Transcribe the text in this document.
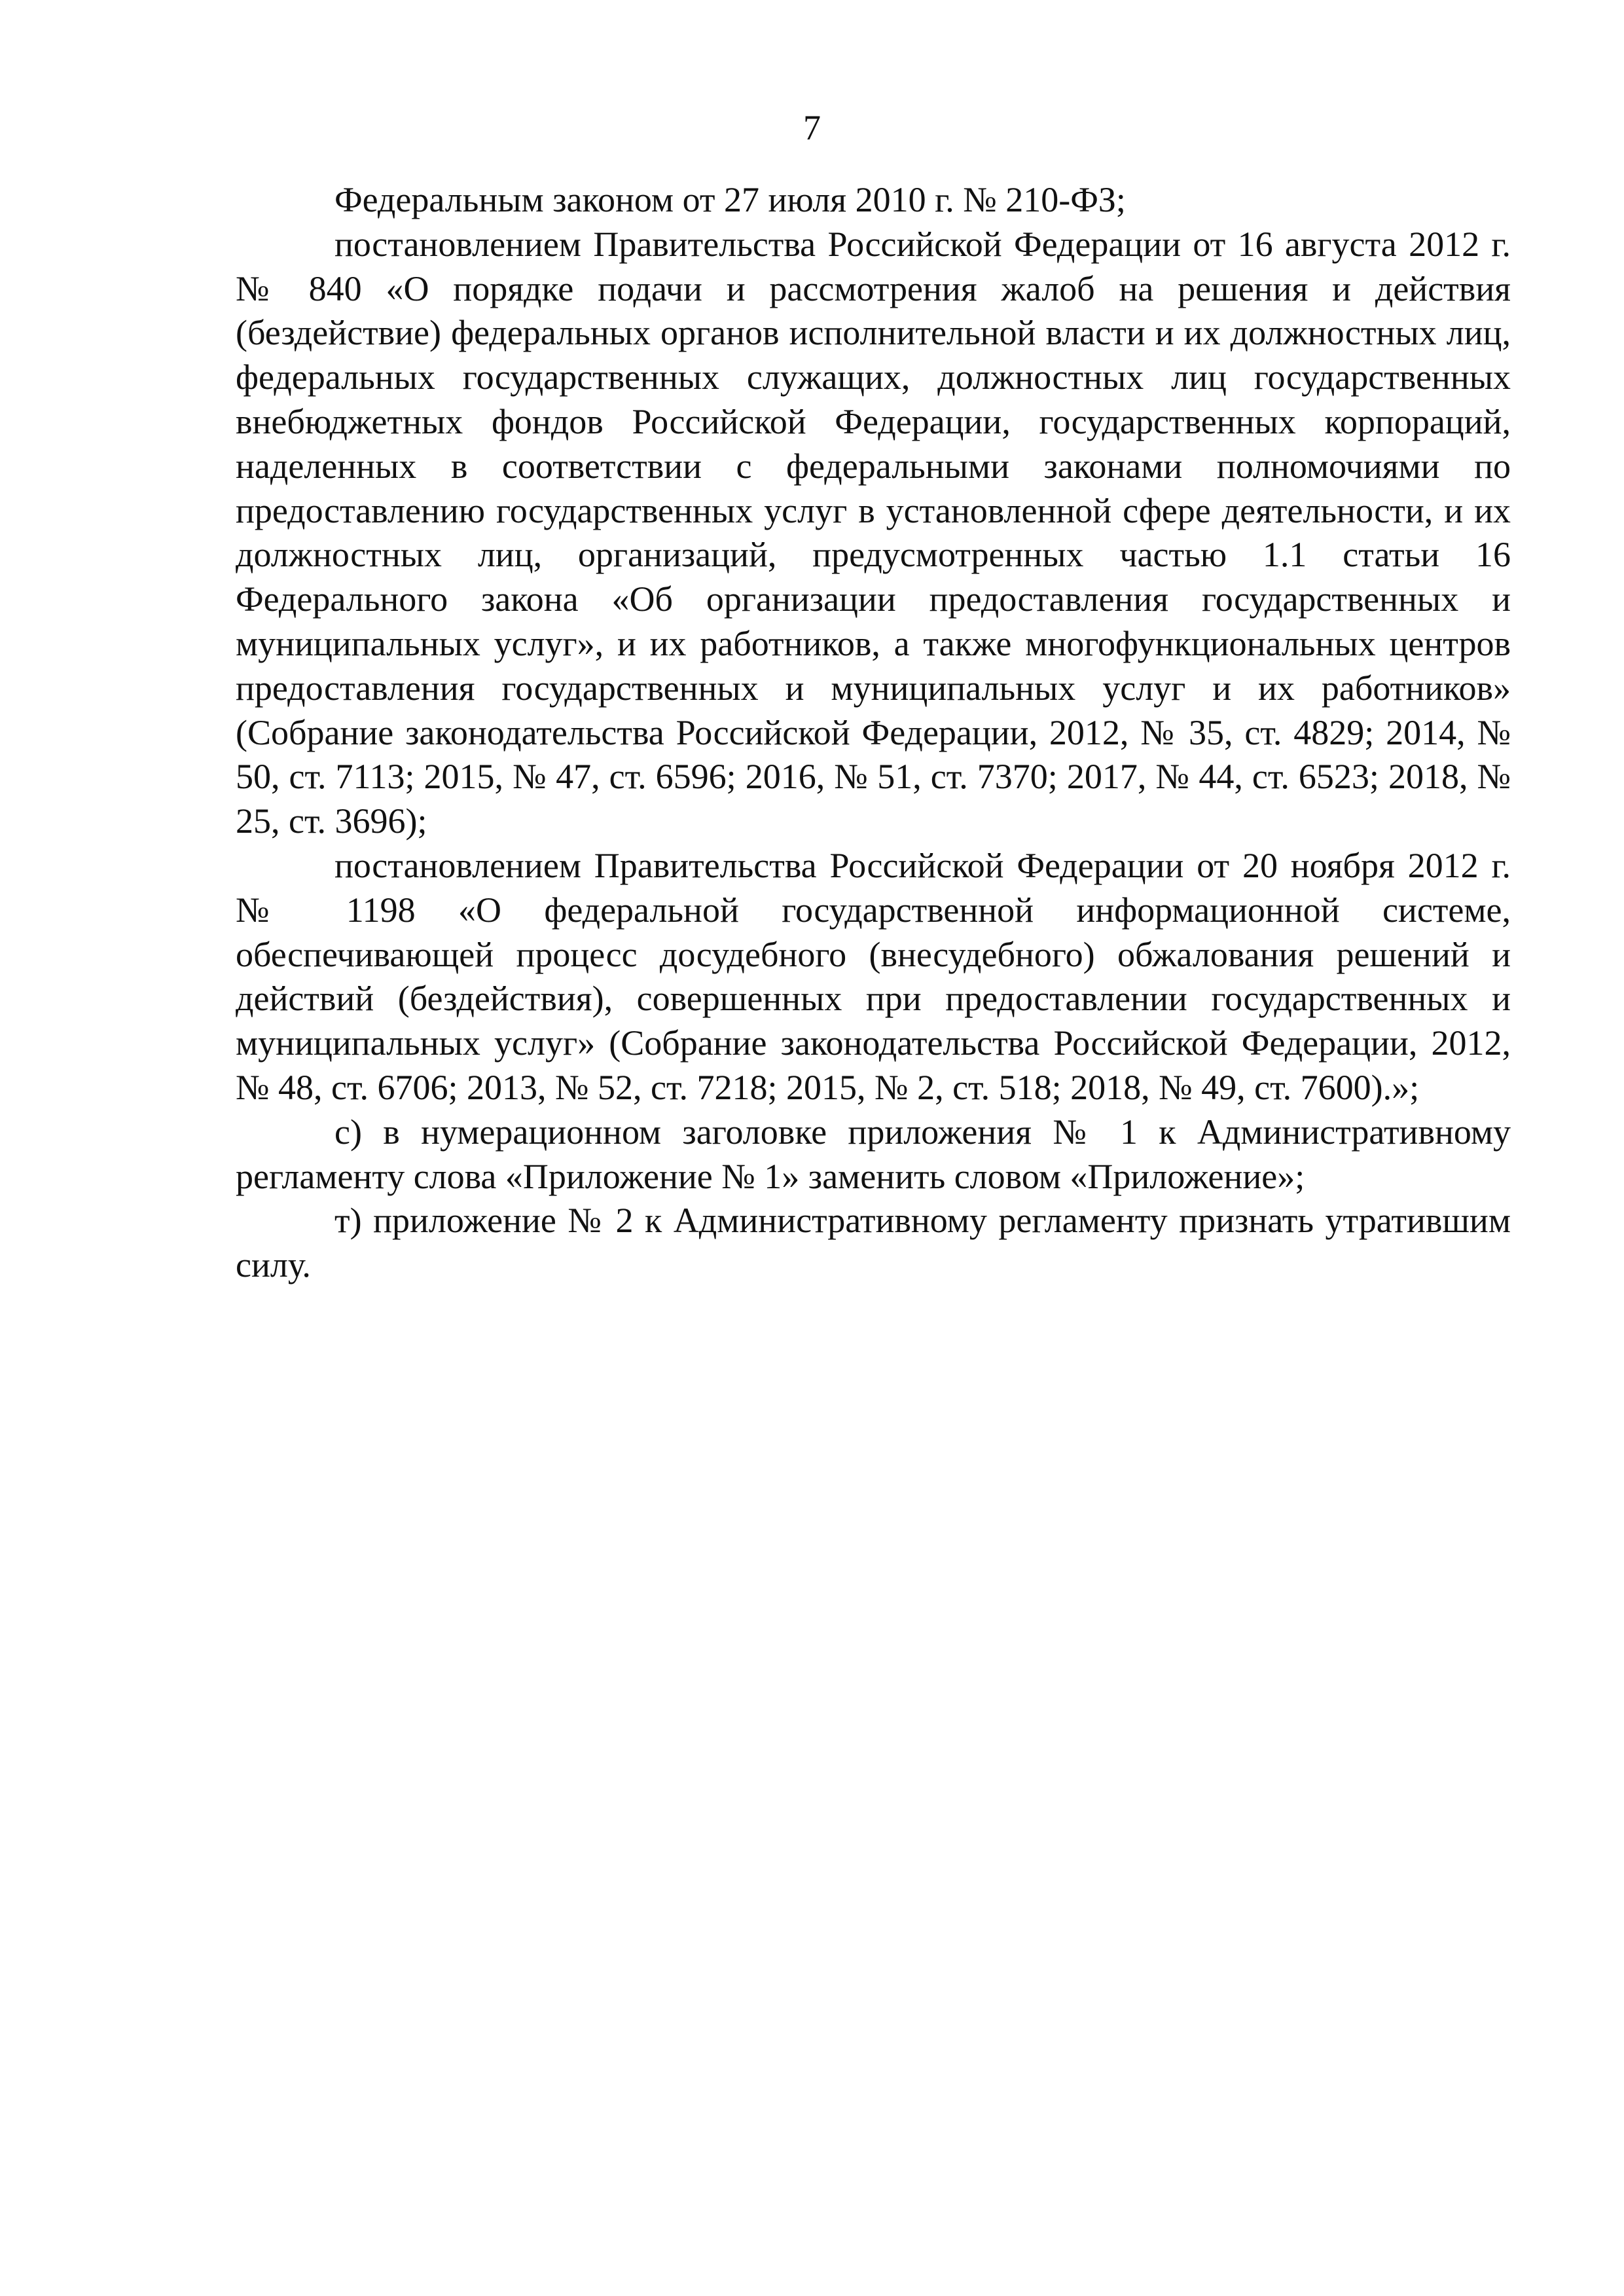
7

Федеральным законом от 27 июля 2010 г. № 210-ФЗ;

постановлением Правительства Российской Федерации от 16 августа 2012 г. № 840 «О порядке подачи и рассмотрения жалоб на решения и действия (бездействие) федеральных органов исполнительной власти и их должностных лиц, федеральных государственных служащих, должностных лиц государственных внебюджетных фондов Российской Федерации, государственных корпораций, наделенных в соответствии с федеральными законами полномочиями по предоставлению государственных услуг в установленной сфере деятельности, и их должностных лиц, организаций, предусмотренных частью 1.1 статьи 16 Федерального закона «Об организации предоставления государственных и муниципальных услуг», и их работников, а также многофункциональных центров предоставления государственных и муниципальных услуг и их работников» (Собрание законодательства Российской Федерации, 2012, № 35, ст. 4829; 2014, № 50, ст. 7113; 2015, № 47, ст. 6596; 2016, № 51, ст. 7370; 2017, № 44, ст. 6523; 2018, № 25, ст. 3696);

постановлением Правительства Российской Федерации от 20 ноября 2012 г. № 1198 «О федеральной государственной информационной системе, обеспечивающей процесс досудебного (внесудебного) обжалования решений и действий (бездействия), совершенных при предоставлении государственных и муниципальных услуг» (Собрание законодательства Российской Федерации, 2012, № 48, ст. 6706; 2013, № 52, ст. 7218; 2015, № 2, ст. 518; 2018, № 49, ст. 7600).»;

с) в нумерационном заголовке приложения № 1 к Административному регламенту слова «Приложение № 1» заменить словом «Приложение»;

т) приложение № 2 к Административному регламенту признать утратившим силу.
